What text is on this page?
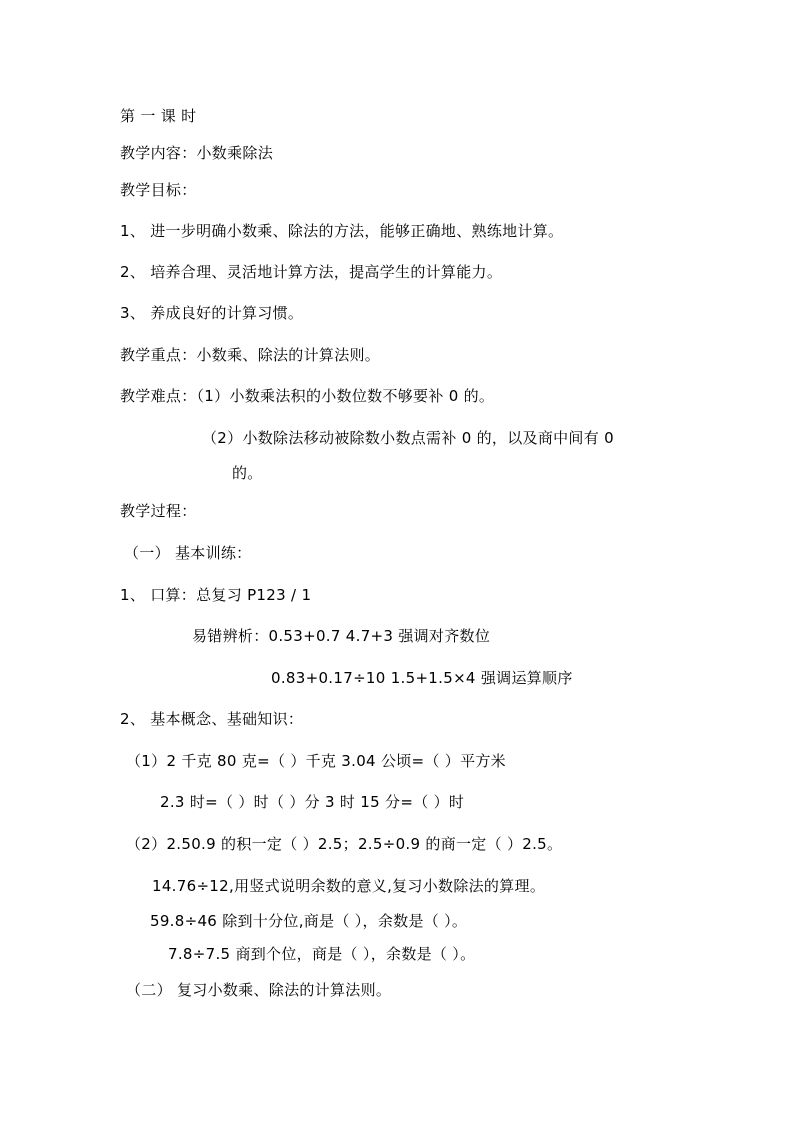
第 一 课 时
教学内容：小数乘除法
教学目标：
1、 进一步明确小数乘、除法的方法，能够正确地、熟练地计算。
2、 培养合理、灵活地计算方法，提高学生的计算能力。
3、 养成良好的计算习惯。
教学重点：小数乘、除法的计算法则。
教学难点：（1）小数乘法积的小数位数不够要补 0 的。
（2）小数除法移动被除数小数点需补 0 的，以及商中间有 0
的。
教学过程：
（一） 基本训练：
1、 口算：总复习 P123 / 1
易错辨析：0.53+0.7 4.7+3 强调对齐数位
0.83+0.17÷10 1.5+1.5×4 强调运算顺序
2、 基本概念、基础知识：
（1）2 千克 80 克=（ ）千克 3.04 公顷=（ ）平方米
2.3 时=（ ）时（ ）分 3 时 15 分=（ ）时
（2）2.50.9 的积一定（ ）2.5；2.5÷0.9 的商一定（ ）2.5。
14.76÷12,用竖式说明余数的意义,复习小数除法的算理。
59.8÷46 除到十分位,商是（ ），余数是（ ）。
7.8÷7.5 商到个位，商是（ ），余数是（ ）。
（二） 复习小数乘、除法的计算法则。
